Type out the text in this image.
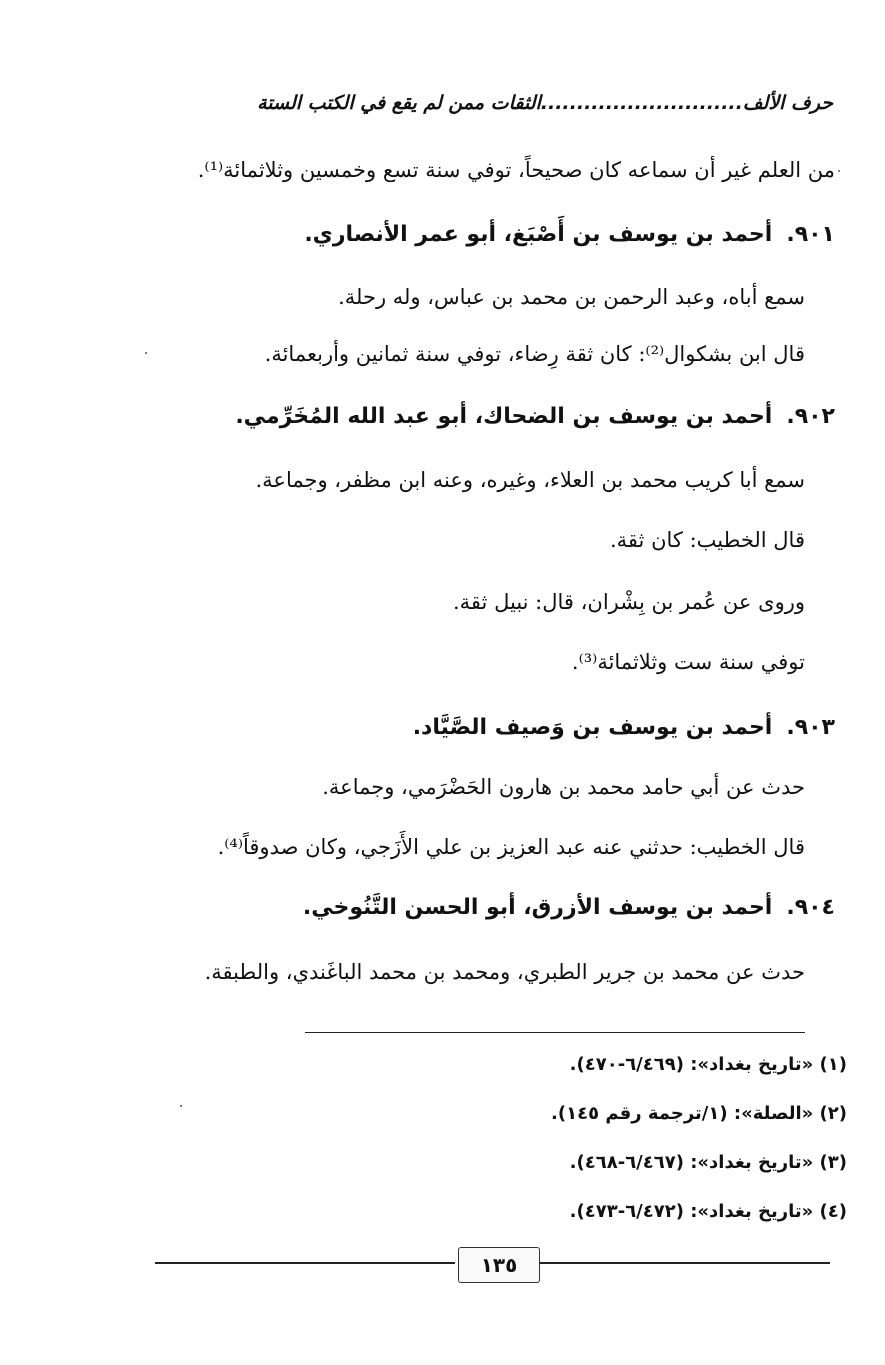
حرف الألف............................الثقات ممن لم يقع في الكتب الستة
من العلم غير أن سماعه كان صحيحاً، توفي سنة تسع وخمسين وثلاثمائة⁽¹⁾.
٩٠١.أحمد بن يوسف بن أَصْبَغ، أبو عمر الأنصاري.
سمع أباه، وعبد الرحمن بن محمد بن عباس، وله رحلة.
قال ابن بشكوال⁽²⁾: كان ثقة رِضاء، توفي سنة ثمانين وأربعمائة.
٩٠٢.أحمد بن يوسف بن الضحاك، أبو عبد الله المُخَرِّمي.
سمع أبا كريب محمد بن العلاء، وغيره، وعنه ابن مظفر، وجماعة.
قال الخطيب: كان ثقة.
وروى عن عُمر بن بِشْران، قال: نبيل ثقة.
توفي سنة ست وثلاثمائة⁽³⁾.
٩٠٣.أحمد بن يوسف بن وَصيف الصَّيَّاد.
حدث عن أبي حامد محمد بن هارون الحَضْرَمي، وجماعة.
قال الخطيب: حدثني عنه عبد العزيز بن علي الأَزَجي، وكان صدوقاً⁽⁴⁾.
٩٠٤.أحمد بن يوسف الأزرق، أبو الحسن التَّنُوخي.
حدث عن محمد بن جرير الطبري، ومحمد بن محمد الباغَندي، والطبقة.
(١) «تاريخ بغداد»: (٦/٤٦٩-٤٧٠).
(٢) «الصلة»: (١/ترجمة رقم ١٤٥).
(٣) «تاريخ بغداد»: (٦/٤٦٧-٤٦٨).
(٤) «تاريخ بغداد»: (٦/٤٧٢-٤٧٣).
١٣٥
